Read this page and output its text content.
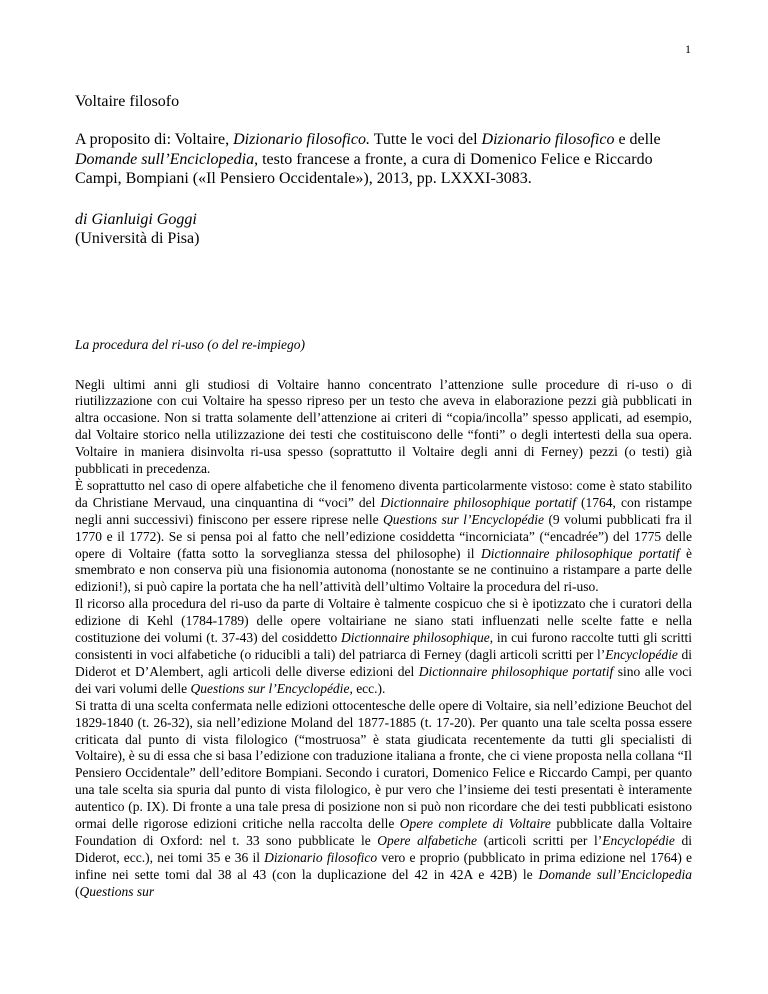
1
Voltaire filosofo

A proposito di: Voltaire, Dizionario filosofico. Tutte le voci del Dizionario filosofico e delle Domande sull’Enciclopedia, testo francese a fronte, a cura di Domenico Felice e Riccardo Campi, Bompiani («Il Pensiero Occidentale»), 2013, pp. LXXXI-3083.

di Gianluigi Goggi
(Università di Pisa)

La procedura del ri-uso (o del re-impiego)

Negli ultimi anni gli studiosi di Voltaire hanno concentrato l’attenzione sulle procedure di ri-uso o di riutilizzazione con cui Voltaire ha spesso ripreso per un testo che aveva in elaborazione pezzi già pubblicati in altra occasione. Non si tratta solamente dell’attenzione ai criteri di “copia/incolla” spesso applicati, ad esempio, dal Voltaire storico nella utilizzazione dei testi che costituiscono delle “fonti” o degli intertesti della sua opera. Voltaire in maniera disinvolta ri-usa spesso (soprattutto il Voltaire degli anni di Ferney) pezzi (o testi) già pubblicati in precedenza.

È soprattutto nel caso di opere alfabetiche che il fenomeno diventa particolarmente vistoso: come è stato stabilito da Christiane Mervaud, una cinquantina di “voci” del Dictionnaire philosophique portatif (1764, con ristampe negli anni successivi) finiscono per essere riprese nelle Questions sur l’Encyclopédie (9 volumi pubblicati fra il 1770 e il 1772). Se si pensa poi al fatto che nell’edizione cosiddetta “incorniciata” (“encadrée”) del 1775 delle opere di Voltaire (fatta sotto la sorveglianza stessa del philosophe) il Dictionnaire philosophique portatif è smembrato e non conserva più una fisionomia autonoma (nonostante se ne continuino a ristampare a parte delle edizioni!), si può capire la portata che ha nell’attività dell’ultimo Voltaire la procedura del ri-uso.

Il ricorso alla procedura del ri-uso da parte di Voltaire è talmente cospicuo che si è ipotizzato che i curatori della edizione di Kehl (1784-1789) delle opere voltairiane ne siano stati influenzati nelle scelte fatte e nella costituzione dei volumi (t. 37-43) del cosiddetto Dictionnaire philosophique, in cui furono raccolte tutti gli scritti consistenti in voci alfabetiche (o riducibli a tali) del patriarca di Ferney (dagli articoli scritti per l’Encyclopédie di Diderot et D’Alembert, agli articoli delle diverse edizioni del Dictionnaire philosophique portatif sino alle voci dei vari volumi delle Questions sur l’Encyclopédie, ecc.).

Si tratta di una scelta confermata nelle edizioni ottocentesche delle opere di Voltaire, sia nell’edizione Beuchot del 1829-1840 (t. 26-32), sia nell’edizione Moland del 1877-1885 (t. 17-20). Per quanto una tale scelta possa essere criticata dal punto di vista filologico (“mostruosa” è stata giudicata recentemente da tutti gli specialisti di Voltaire), è su di essa che si basa l’edizione con traduzione italiana a fronte, che ci viene proposta nella collana “Il Pensiero Occidentale” dell’editore Bompiani. Secondo i curatori, Domenico Felice e Riccardo Campi, per quanto una tale scelta sia spuria dal punto di vista filologico, è pur vero che l’insieme dei testi presentati è interamente autentico (p. IX). Di fronte a una tale presa di posizione non si può non ricordare che dei testi pubblicati esistono ormai delle rigorose edizioni critiche nella raccolta delle Opere complete di Voltaire pubblicate dalla Voltaire Foundation di Oxford: nel t. 33 sono pubblicate le Opere alfabetiche (articoli scritti per l’Encyclopédie di Diderot, ecc.), nei tomi 35 e 36 il Dizionario filosofico vero e proprio (pubblicato in prima edizione nel 1764) e infine nei sette tomi dal 38 al 43 (con la duplicazione del 42 in 42A e 42B) le Domande sull’Enciclopedia (Questions sur
